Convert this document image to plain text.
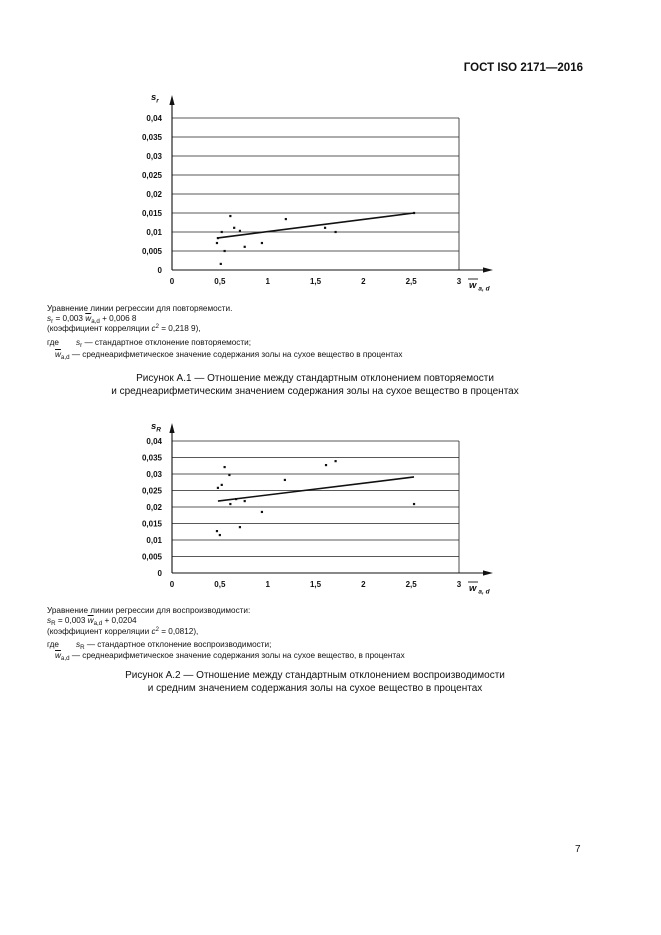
ГОСТ ISO 2171—2016
0
0,005
0,01
0,015
0,02
0,025
0,03
0,035
0,04
0	0,5	1	1,5	2	2,5	3
$s_r$
w $_{a, d}$
Уравнение линии регрессии для повторяемости.
$s_r = 0,003$ $\overline{w}_{a,d} + 0,006$ 8
(коэффициент корреляции $c^2 = 0,218$ 9),
где $s_r$ — стандартное отклонение повторяемости;
$\overline{w}_{a,d}$ — среднеарифметическое значение содержания золы на сухое вещество в процентах
Рисунок А.1 — Отношение между стандартным отклонением повторяемости
и среднеарифметическим значением содержания золы на сухое вещество в процентах
0
0,005
0,01
0,015
0,02
0,025
0,03
0,035
0,04
0	0,5	1	1,5	2	2,5	3
$s_R$
w $_{a, d}$
Уравнение линии регрессии для воспроизводимости:
$s_R = 0,003$ $\overline{w}_{a,d} + 0,0204$
(коэффициент корреляции $c^2 = 0,0812$),
где $s_R$ — стандартное отклонение воспроизводимости;
$\overline{w}_{a,d}$ — среднеарифметическое значение содержания золы на сухое вещество, в процентах
Рисунок А.2 — Отношение между стандартным отклонением воспроизводимости
и средним значением содержания золы на сухое вещество в процентах
7
